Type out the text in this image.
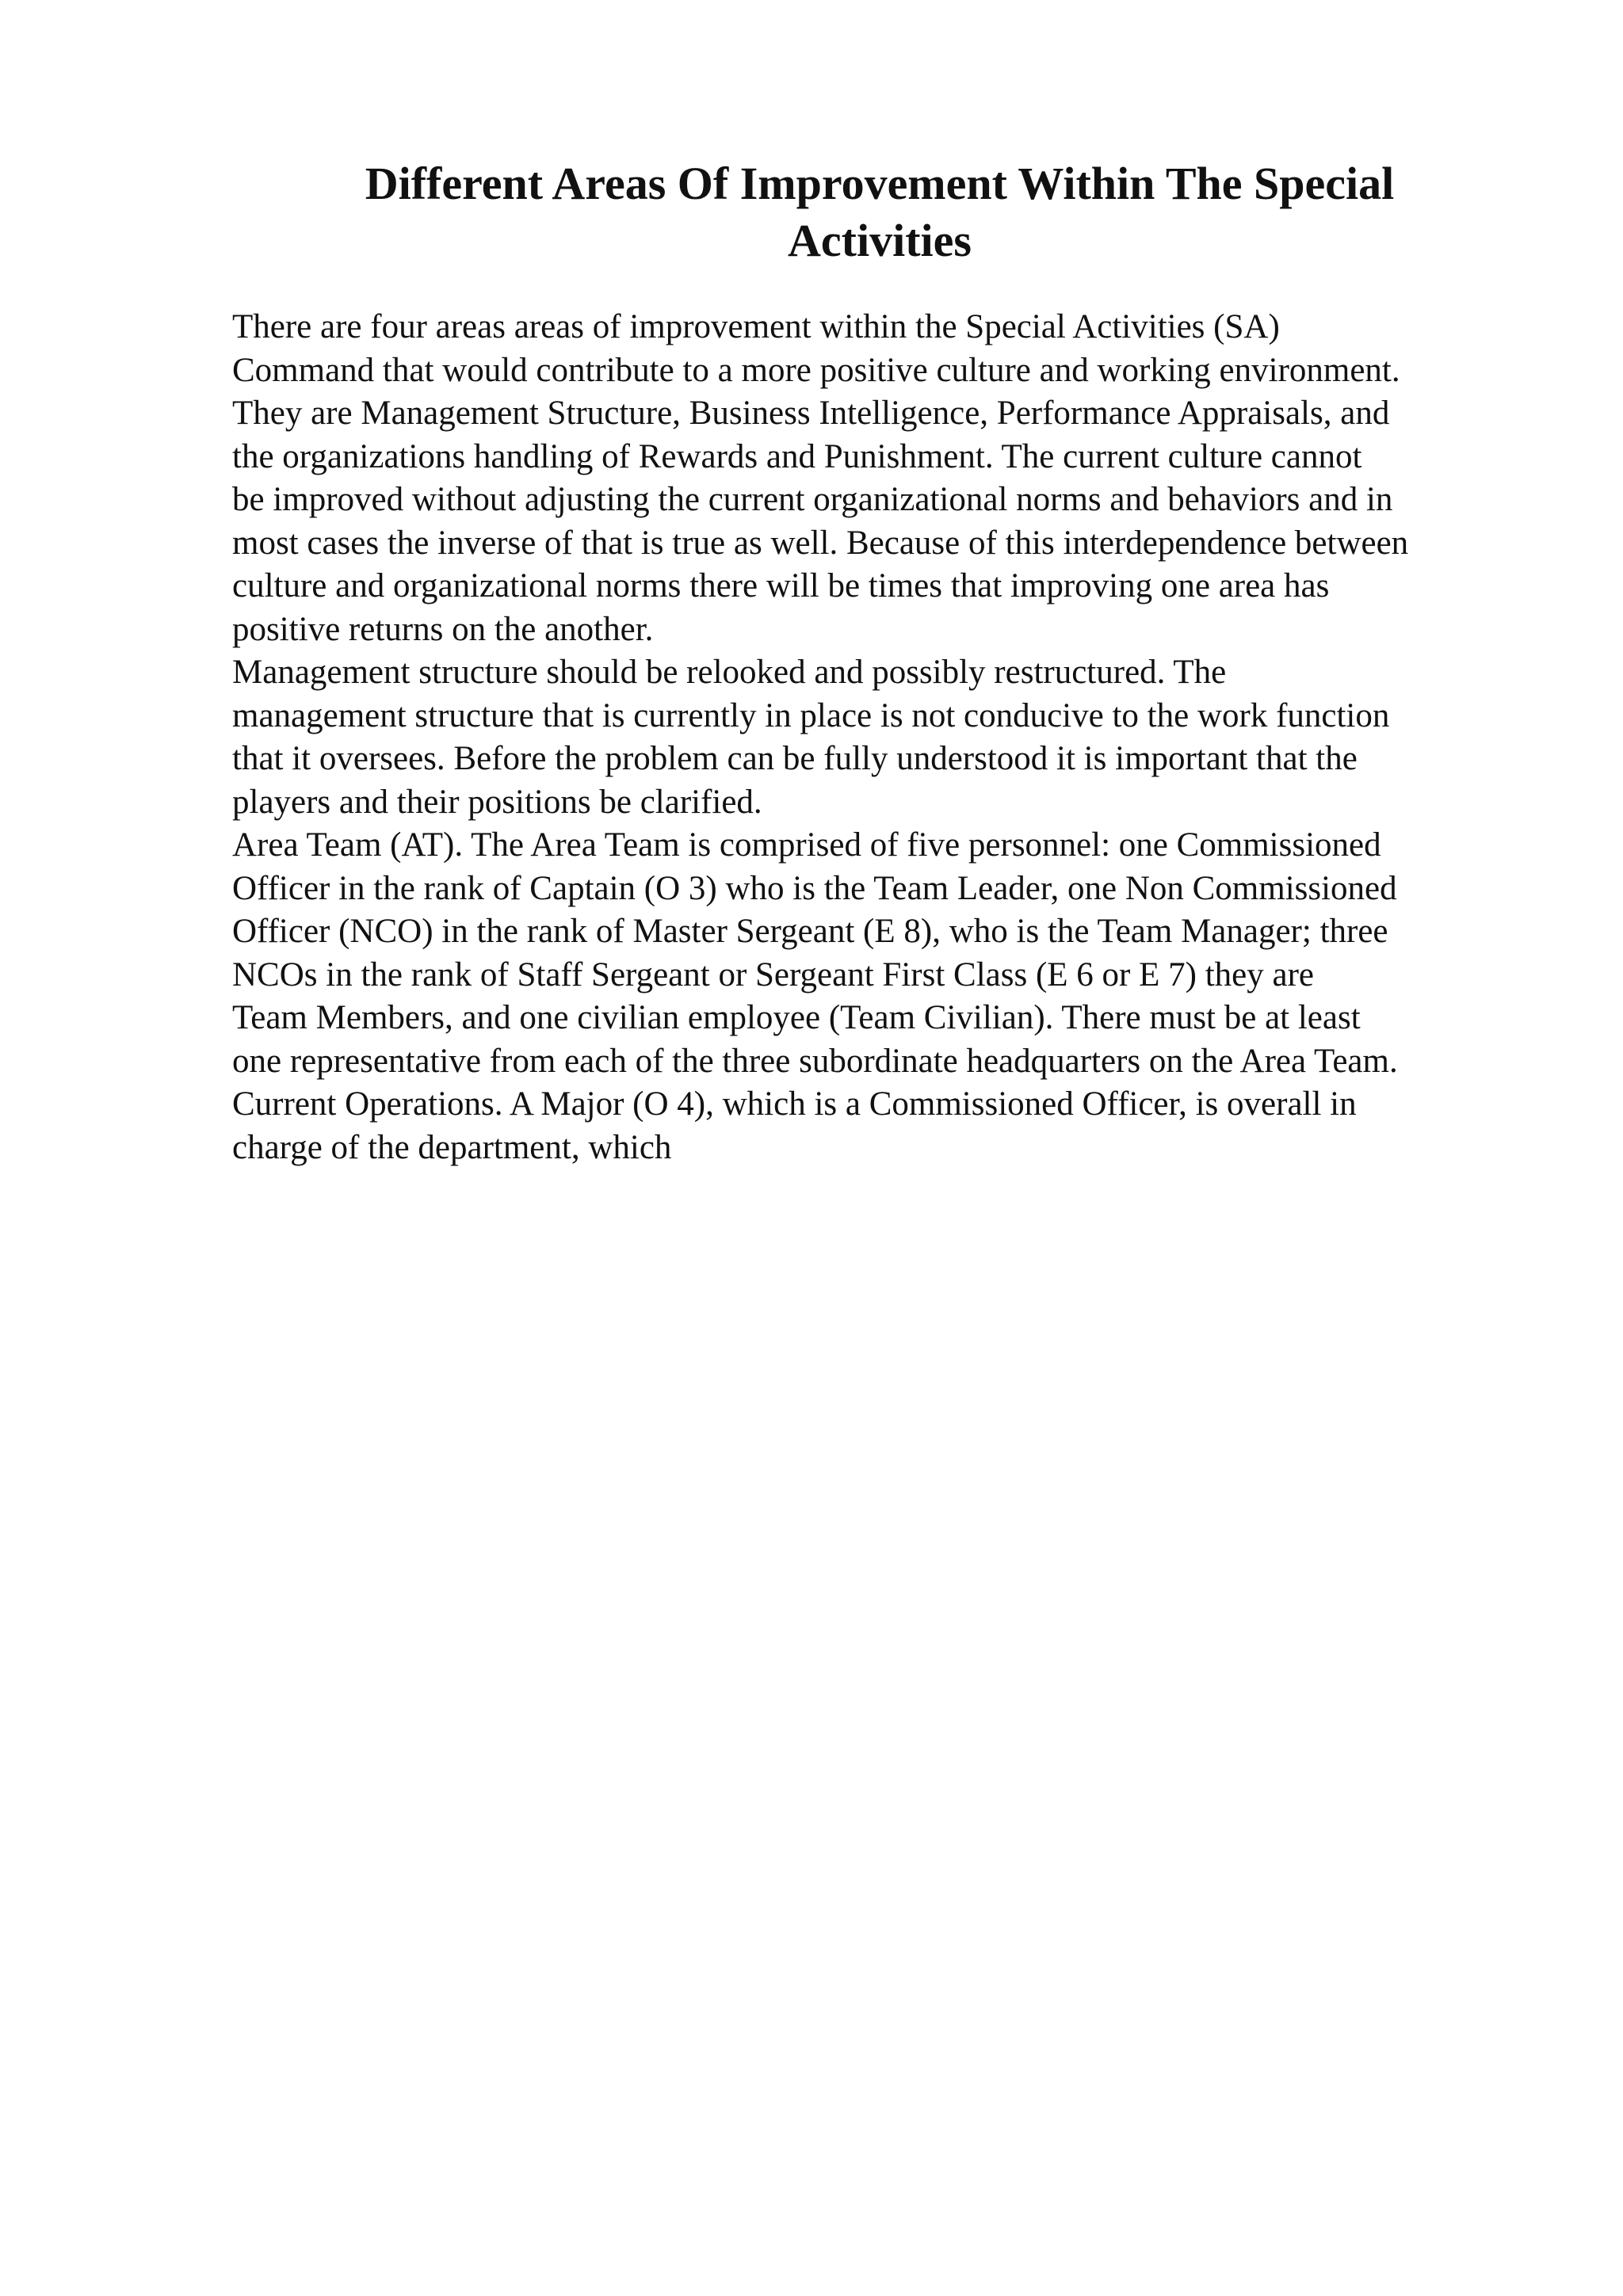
Different Areas Of Improvement Within The Special
Activities

There are four areas areas of improvement within the Special Activities (SA)
Command that would contribute to a more positive culture and working environment.
They are Management Structure, Business Intelligence, Performance Appraisals, and
the organizations handling of Rewards and Punishment. The current culture cannot
be improved without adjusting the current organizational norms and behaviors and in
most cases the inverse of that is true as well. Because of this interdependence between
culture and organizational norms there will be times that improving one area has
positive returns on the another.

Management structure should be relooked and possibly restructured. The
management structure that is currently in place is not conducive to the work function
that it oversees. Before the problem can be fully understood it is important that the
players and their positions be clarified.

Area Team (AT). The Area Team is comprised of five personnel: one Commissioned
Officer in the rank of Captain (O 3) who is the Team Leader, one Non Commissioned
Officer (NCO) in the rank of Master Sergeant (E 8), who is the Team Manager; three
NCOs in the rank of Staff Sergeant or Sergeant First Class (E 6 or E 7) they are
Team Members, and one civilian employee (Team Civilian). There must be at least
one representative from each of the three subordinate headquarters on the Area Team.

Current Operations. A Major (O 4), which is a Commissioned Officer, is overall in
charge of the department, which
